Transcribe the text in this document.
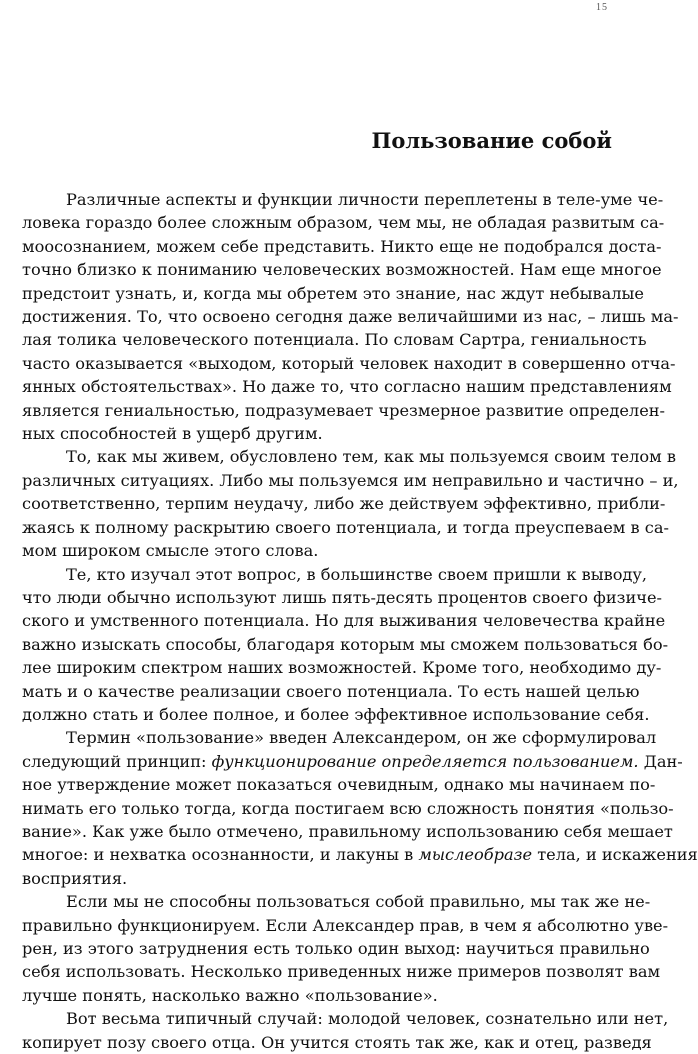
15
Пользование собой
Различные аспекты и функции личности переплетены в теле-уме че-
ловека гораздо более сложным образом, чем мы, не обладая развитым са-
моосознанием, можем себе представить. Никто еще не подобрался доста-
точно близко к пониманию человеческих возможностей. Нам еще многое
предстоит узнать, и, когда мы обретем это знание, нас ждут небывалые
достижения. То, что освоено сегодня даже величайшими из нас, – лишь ма-
лая толика человеческого потенциала. По словам Сартра, гениальность
часто оказывается «выходом, который человек находит в совершенно отча-
янных обстоятельствах». Но даже то, что согласно нашим представлениям
является гениальностью, подразумевает чрезмерное развитие определен-
ных способностей в ущерб другим.
То, как мы живем, обусловлено тем, как мы пользуемся своим телом в
различных ситуациях. Либо мы пользуемся им неправильно и частично – и,
соответственно, терпим неудачу, либо же действуем эффективно, прибли-
жаясь к полному раскрытию своего потенциала, и тогда преуспеваем в са-
мом широком смысле этого слова.
Те, кто изучал этот вопрос, в большинстве своем пришли к выводу,
что люди обычно используют лишь пять-десять процентов своего физиче-
ского и умственного потенциала. Но для выживания человечества крайне
важно изыскать способы, благодаря которым мы сможем пользоваться бо-
лее широким спектром наших возможностей. Кроме того, необходимо ду-
мать и о качестве реализации своего потенциала. То есть нашей целью
должно стать и более полное, и более эффективное использование себя.
Термин «пользование» введен Александером, он же сформулировал
следующий принцип: функционирование определяется пользованием. Дан-
ное утверждение может показаться очевидным, однако мы начинаем по-
нимать его только тогда, когда постигаем всю сложность понятия «пользо-
вание». Как уже было отмечено, правильному использованию себя мешает
многое: и нехватка осознанности, и лакуны в мыслеобразе тела, и искажения
восприятия.
Если мы не способны пользоваться собой правильно, мы так же не-
правильно функционируем. Если Александер прав, в чем я абсолютно уве-
рен, из этого затруднения есть только один выход: научиться правильно
себя использовать. Несколько приведенных ниже примеров позволят вам
лучше понять, насколько важно «пользование».
Вот весьма типичный случай: молодой человек, сознательно или нет,
копирует позу своего отца. Он учится стоять так же, как и отец, разведя
